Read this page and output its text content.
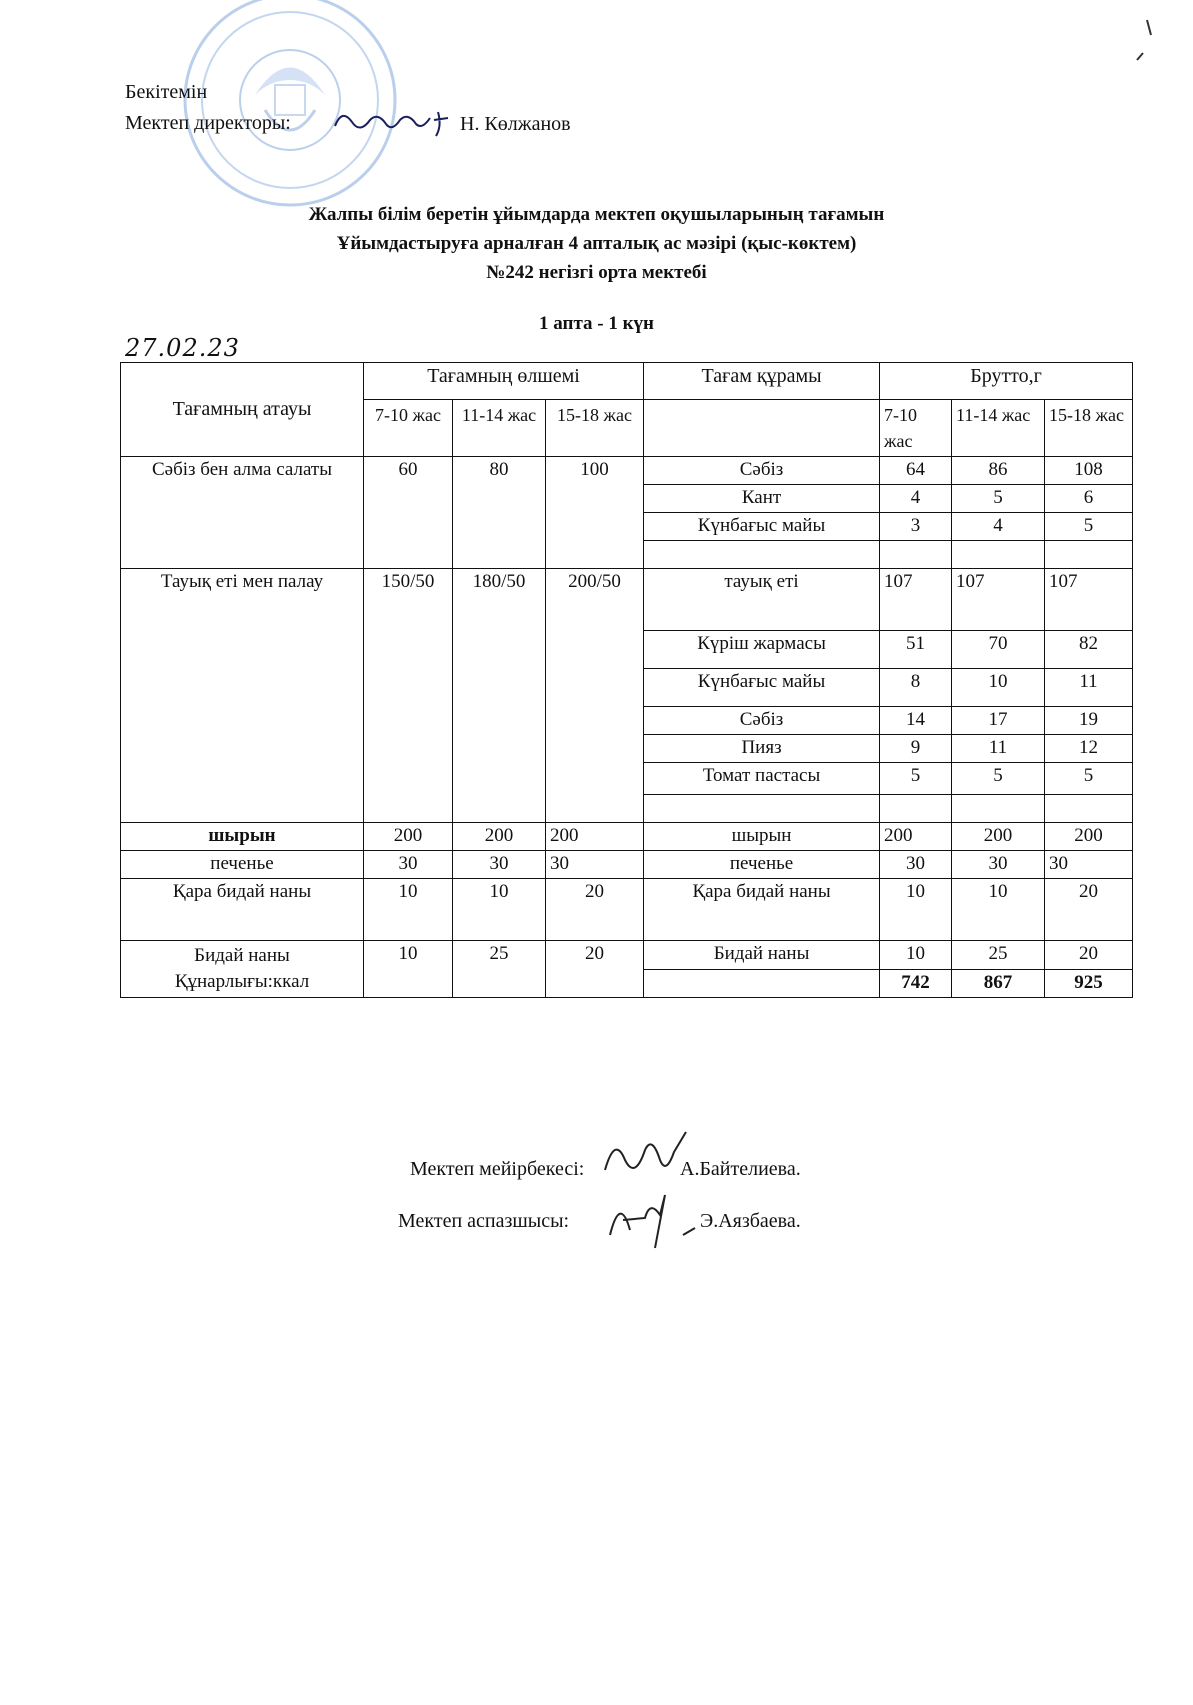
Бекітемін
Мектеп директоры:	Н. Көлжанов
Жалпы білім беретін ұйымдарда мектеп оқушыларының тағамын
Ұйымдастыруға арналған 4 апталық ас мәзірі (қыс-көктем)
№242 негізгі орта мектебі
1 апта - 1 күн
27.02.23
Тағамның атауы	Тағамның өлшемі			Тағам құрамы	Брутто,г		
	7-10 жас	11-14 жас	15-18 жас		7-10 жас	11-14 жас	15-18 жас
Сәбіз бен алма салаты	60	80	100	Сәбіз	64	86	108
				Кант	4	5	6
				Күнбағыс майы	3	4	5

Тауық еті мен палау	150/50	180/50	200/50	тауық еті	107	107	107
				Күріш жармасы	51	70	82
				Күнбағыс майы	8	10	11
				Сәбіз	14	17	19
				Пияз	9	11	12
				Томат пастасы	5	5	5

шырын	200	200	200	шырын	200	200	200
печенье	30	30	30	печенье	30	30	30
Қара бидай наны	10	10	20	Қара бидай наны	10	10	20
Бидай наны
Құнарлығы:ккал	10	25	20	Бидай наны	10	25	20
					742	867	925
Мектеп мейірбекесі:	А.Байтелиева.
Мектеп аспазшысы:	Э.Аязбаева.
